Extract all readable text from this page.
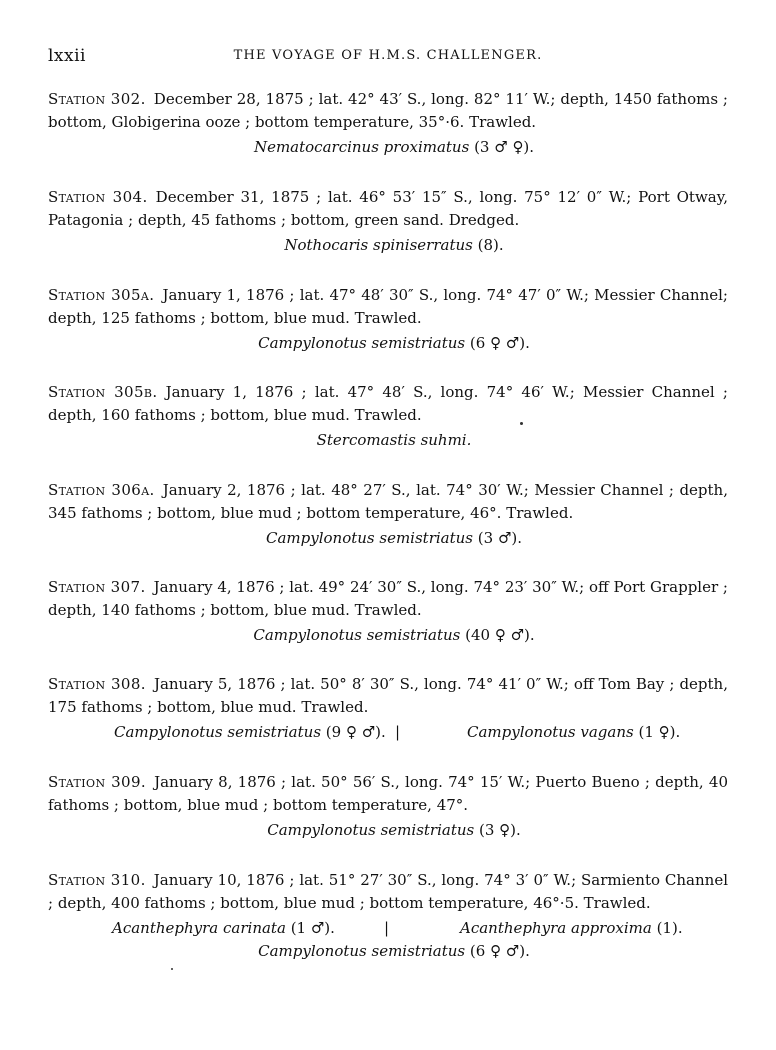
lxxii	THE VOYAGE OF H.M.S. CHALLENGER.

Station 302. December 28, 1875 ; lat. 42° 43′ S., long. 82° 11′ W.; depth, 1450 fathoms ; bottom, Globigerina ooze ; bottom temperature, 35°·6. Trawled.

Nematocarcinus proximatus (3 ♂ ♀).

Station 304. December 31, 1875 ; lat. 46° 53′ 15″ S., long. 75° 12′ 0″ W.; Port Otway, Patagonia ; depth, 45 fathoms ; bottom, green sand. Dredged.

Nothocaris spiniserratus (8).

Station 305a. January 1, 1876 ; lat. 47° 48′ 30″ S., long. 74° 47′ 0″ W.; Messier Channel; depth, 125 fathoms ; bottom, blue mud. Trawled.

Campylonotus semistriatus (6 ♀ ♂).

Station 305b. January 1, 1876 ; lat. 47° 48′ S., long. 74° 46′ W.; Messier Channel ; depth, 160 fathoms ; bottom, blue mud. Trawled.

Stercomastis suhmi.

Station 306a. January 2, 1876 ; lat. 48° 27′ S., lat. 74° 30′ W.; Messier Channel ; depth, 345 fathoms ; bottom, blue mud ; bottom temperature, 46°. Trawled.

Campylonotus semistriatus (3 ♂).

Station 307. January 4, 1876 ; lat. 49° 24′ 30″ S., long. 74° 23′ 30″ W.; off Port Grappler ; depth, 140 fathoms ; bottom, blue mud. Trawled.

Campylonotus semistriatus (40 ♀ ♂).

Station 308. January 5, 1876 ; lat. 50° 8′ 30″ S., long. 74° 41′ 0″ W.; off Tom Bay ; depth, 175 fathoms ; bottom, blue mud. Trawled.

Campylonotus semistriatus (9 ♀ ♂). |	Campylonotus vagans (1 ♀).

Station 309. January 8, 1876 ; lat. 50° 56′ S., long. 74° 15′ W.; Puerto Bueno ; depth, 40 fathoms ; bottom, blue mud ; bottom temperature, 47°.

Campylonotus semistriatus (3 ♀).

Station 310. January 10, 1876 ; lat. 51° 27′ 30″ S., long. 74° 3′ 0″ W.; Sarmiento Channel ; depth, 400 fathoms ; bottom, blue mud ; bottom temperature, 46°·5. Trawled.

Acanthephyra carinata (1 ♂).	|	Acanthephyra approxima (1).
Campylonotus semistriatus (6 ♀ ♂).
